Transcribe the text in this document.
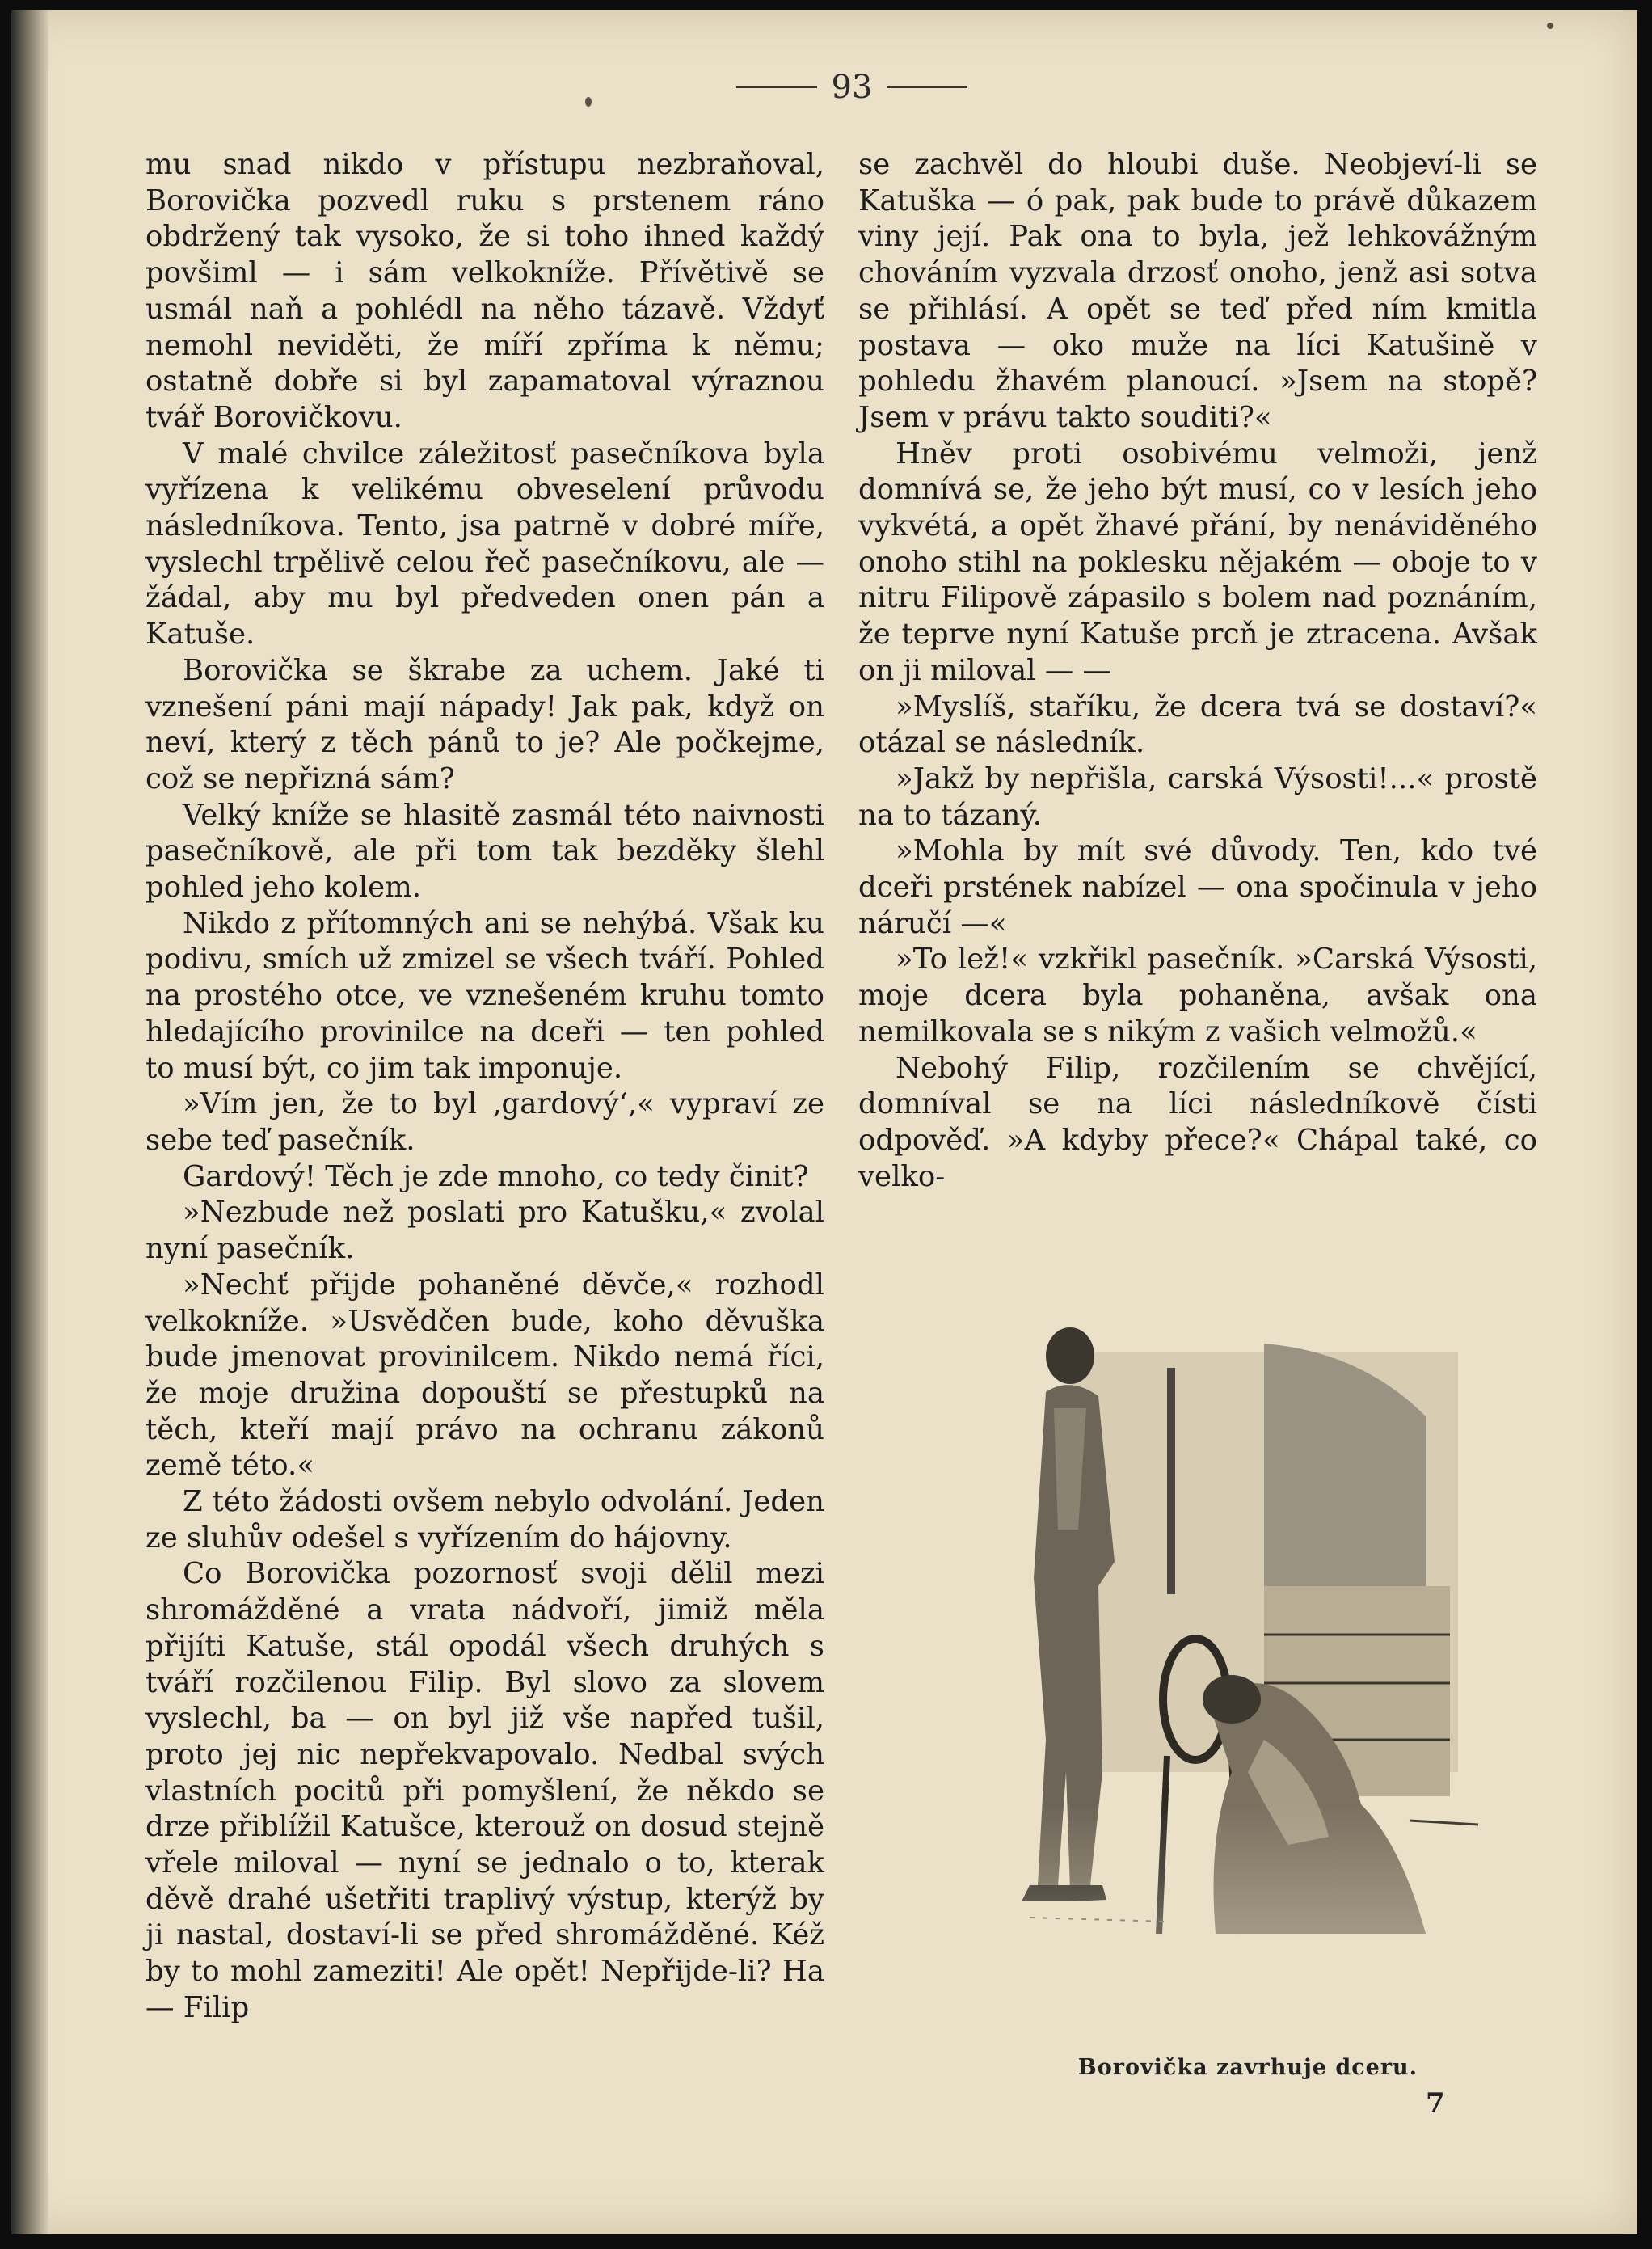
93

mu snad nikdo v přístupu nezbraňoval, Borovička pozvedl ruku s prstenem ráno obdržený tak vysoko, že si toho ihned každý povšiml — i sám velkokníže. Přívětivě se usmál naň a pohlédl na něho tázavě. Vždyť nemohl neviděti, že míří zpříma k němu; ostatně dobře si byl zapamatoval výraznou tvář Borovičkovu.

V malé chvilce záležitosť pasečníkova byla vyřízena k velikému obveselení průvodu následníkova. Tento, jsa patrně v dobré míře, vyslechl trpělivě celou řeč pasečníkovu, ale — žádal, aby mu byl předveden onen pán a Katuše.

Borovička se škrabe za uchem. Jaké ti vznešení páni mají nápady! Jak pak, když on neví, který z těch pánů to je? Ale počkejme, což se nepřizná sám?

Velký kníže se hlasitě zasmál této naivnosti pasečníkově, ale při tom tak bezděky šlehl pohled jeho kolem.

Nikdo z přítomných ani se nehýbá. Však ku podivu, smích už zmizel se všech tváří. Pohled na prostého otce, ve vznešeném kruhu tomto hledajícího provinilce na dceři — ten pohled to musí být, co jim tak imponuje.

»Vím jen, že to byl ‚gardový‘,« vypraví ze sebe teď pasečník.

Gardový! Těch je zde mnoho, co tedy činit?

»Nezbude než poslati pro Katušku,« zvolal nyní pasečník.

»Nechť přijde pohaněné děvče,« rozhodl velkokníže. »Usvědčen bude, koho děvuška bude jmenovat provinilcem. Nikdo nemá říci, že moje družina dopouští se přestupků na těch, kteří mají právo na ochranu zákonů země této.«

Z této žádosti ovšem nebylo odvolání. Jeden ze sluhův odešel s vyřízením do hájovny.

Co Borovička pozornosť svoji dělil mezi shromážděné a vrata nádvoří, jimiž měla přijíti Katuše, stál opodál všech druhých s tváří rozčilenou Filip. Byl slovo za slovem vyslechl, ba — on byl již vše napřed tušil, proto jej nic nepřekvapovalo. Nedbal svých vlastních pocitů při pomyšlení, že někdo se drze přiblížil Katušce, kterouž on dosud stejně vřele miloval — nyní se jednalo o to, kterak děvě drahé ušetřiti traplivý výstup, kterýž by ji nastal, dostaví-li se před shromážděné. Kéž by to mohl zameziti! Ale opět! Nepřijde-li? Ha — Filip

se zachvěl do hloubi duše. Neobjeví-li se Katuška — ó pak, pak bude to právě důkazem viny její. Pak ona to byla, jež lehkovážným chováním vyzvala drzosť onoho, jenž asi sotva se přihlásí. A opět se teď před ním kmitla postava — oko muže na líci Katušině v pohledu žhavém planoucí. »Jsem na stopě? Jsem v právu takto souditi?«

Hněv proti osobivému velmoži, jenž domnívá se, že jeho být musí, co v lesích jeho vykvétá, a opět žhavé přání, by nenáviděného onoho stihl na poklesku nějakém — oboje to v nitru Filipově zápasilo s bolem nad poznáním, že teprve nyní Katuše prcň je ztracena. Avšak on ji miloval — —

»Myslíš, staříku, že dcera tvá se dostaví?« otázal se následník.

»Jakž by nepřišla, carská Výsosti!...« prostě na to tázaný.

»Mohla by mít své důvody. Ten, kdo tvé dceři prstének nabízel — ona spočinula v jeho náručí —«

»To lež!« vzkřikl pasečník. »Carská Výsosti, moje dcera byla pohaněna, avšak ona nemilkovala se s nikým z vašich velmožů.«

Nebohý Filip, rozčilením se chvějící, domníval se na líci následníkově čísti odpověď. »A kdyby přece?« Chápal také, co velko-

Borovička zavrhuje dceru.
7
